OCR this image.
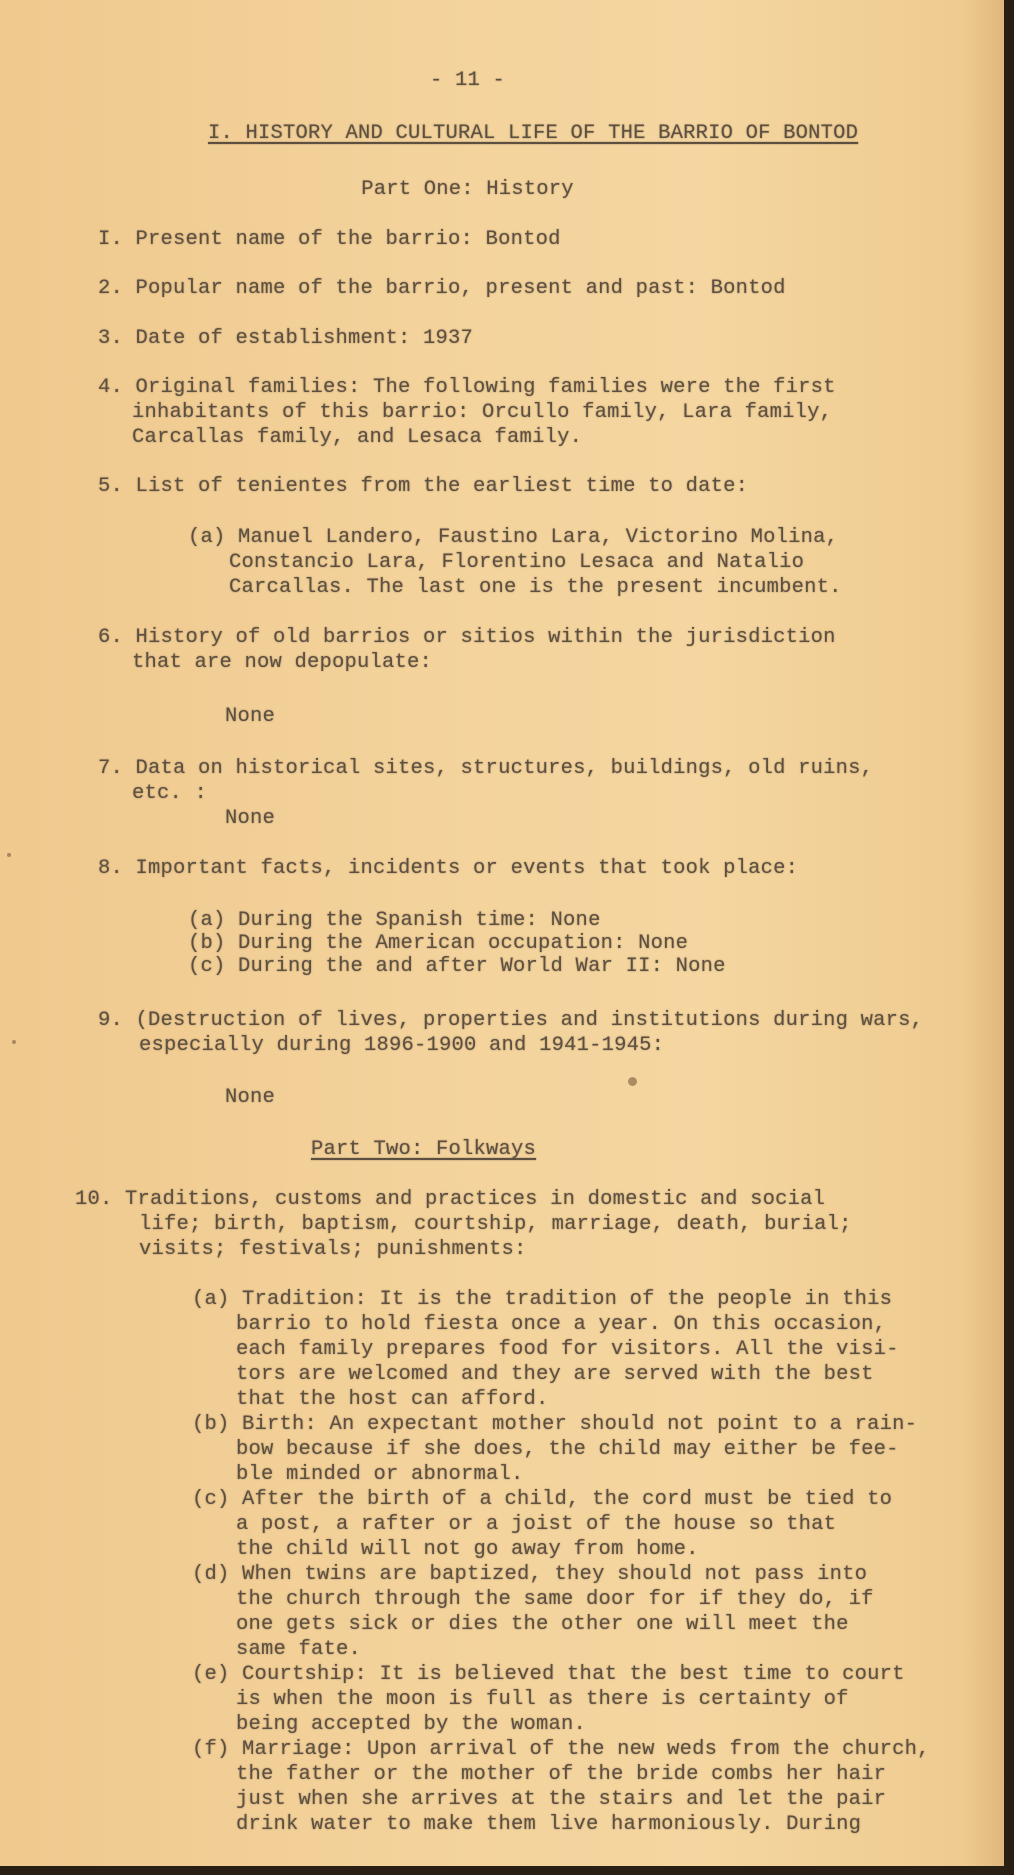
- 11 -
I. HISTORY AND CULTURAL LIFE OF THE BARRIO OF BONTOD
Part One: History
I. Present name of the barrio: Bontod
2. Popular name of the barrio, present and past: Bontod
3. Date of establishment: 1937
4. Original families: The following families were the first
inhabitants of this barrio: Orcullo family, Lara family,
Carcallas family, and Lesaca family.
5. List of tenientes from the earliest time to date:
(a) Manuel Landero, Faustino Lara, Victorino Molina,
Constancio Lara, Florentino Lesaca and Natalio
Carcallas. The last one is the present incumbent.
6. History of old barrios or sitios within the jurisdiction
that are now depopulate:
None
7. Data on historical sites, structures, buildings, old ruins,
etc. :
None
8. Important facts, incidents or events that took place:
(a) During the Spanish time: None
(b) During the American occupation: None
(c) During the and after World War II: None
9. (Destruction of lives, properties and institutions during wars,
especially during 1896-1900 and 1941-1945:
None
Part Two: Folkways
10. Traditions, customs and practices in domestic and social
life; birth, baptism, courtship, marriage, death, burial;
visits; festivals; punishments:
(a) Tradition: It is the tradition of the people in this
barrio to hold fiesta once a year. On this occasion,
each family prepares food for visitors. All the visi-
tors are welcomed and they are served with the best
that the host can afford.
(b) Birth: An expectant mother should not point to a rain-
bow because if she does, the child may either be fee-
ble minded or abnormal.
(c) After the birth of a child, the cord must be tied to
a post, a rafter or a joist of the house so that
the child will not go away from home.
(d) When twins are baptized, they should not pass into
the church through the same door for if they do, if
one gets sick or dies the other one will meet the
same fate.
(e) Courtship: It is believed that the best time to court
is when the moon is full as there is certainty of
being accepted by the woman.
(f) Marriage: Upon arrival of the new weds from the church,
the father or the mother of the bride combs her hair
just when she arrives at the stairs and let the pair
drink water to make them live harmoniously. During
